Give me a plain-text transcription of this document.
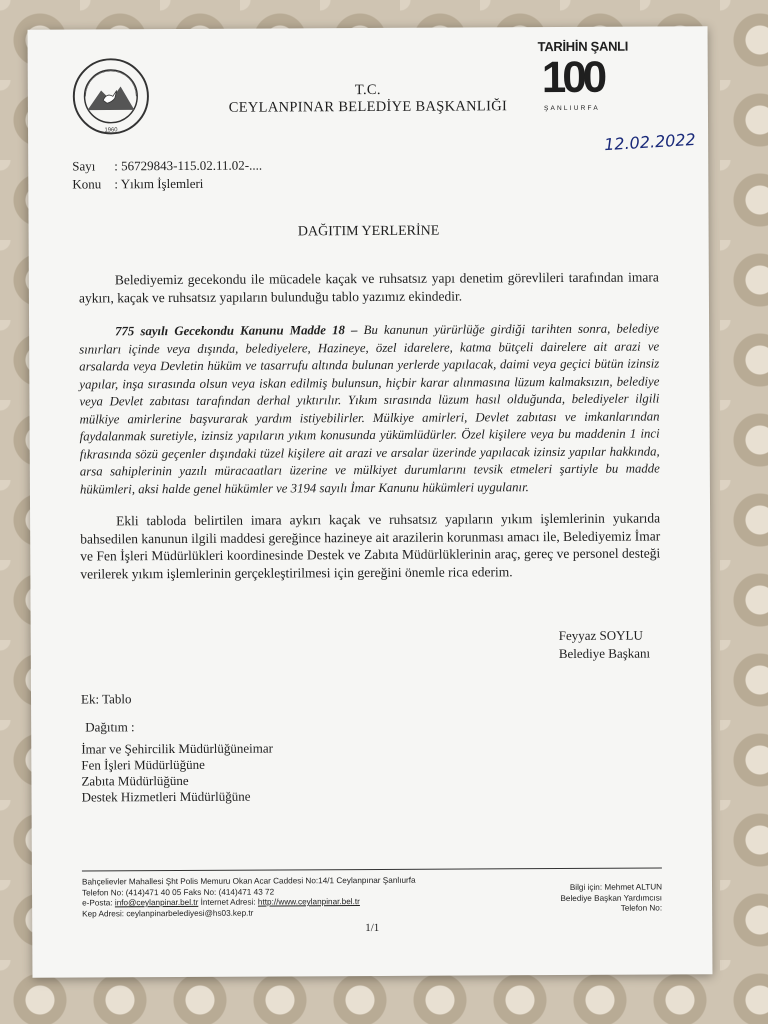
1960
T.C.
CEYLANPINAR BELEDİYE BAŞKANLIĞI
TARİHİN ŞANLI
100
ŞANLIURFA
Sayı : 56729843-115.02.11.02-....
Konu : Yıkım İşlemleri
12.02.2022
DAĞITIM YERLERİNE
Belediyemiz gecekondu ile mücadele kaçak ve ruhsatsız yapı denetim görevlileri tarafından imara aykırı, kaçak ve ruhsatsız yapıların bulunduğu tablo yazımız ekindedir.
775 sayılı Gecekondu Kanunu Madde 18 – Bu kanunun yürürlüğe girdiği tarihten sonra, belediye sınırları içinde veya dışında, belediyelere, Hazineye, özel idarelere, katma bütçeli dairelere ait arazi ve arsalarda veya Devletin hüküm ve tasarrufu altında bulunan yerlerde yapılacak, daimi veya geçici bütün izinsiz yapılar, inşa sırasında olsun veya iskan edilmiş bulunsun, hiçbir karar alınmasına lüzum kalmaksızın, belediye veya Devlet zabıtası tarafından derhal yıktırılır. Yıkım sırasında lüzum hasıl olduğunda, belediyeler ilgili mülkiye amirlerine başvurarak yardım istiyebilirler. Mülkiye amirleri, Devlet zabıtası ve imkanlarından faydalanmak suretiyle, izinsiz yapıların yıkım konusunda yükümlüdürler. Özel kişilere veya bu maddenin 1 inci fıkrasında sözü geçenler dışındaki tüzel kişilere ait arazi ve arsalar üzerinde yapılacak izinsiz yapılar hakkında, arsa sahiplerinin yazılı müracaatları üzerine ve mülkiyet durumlarını tevsik etmeleri şartiyle bu madde hükümleri, aksi halde genel hükümler ve 3194 sayılı İmar Kanunu hükümleri uygulanır.
Ekli tabloda belirtilen imara aykırı kaçak ve ruhsatsız yapıların yıkım işlemlerinin yukarıda bahsedilen kanunun ilgili maddesi gereğince hazineye ait arazilerin korunması amacı ile, Belediyemiz İmar ve Fen İşleri Müdürlükleri koordinesinde Destek ve Zabıta Müdürlüklerinin araç, gereç ve personel desteği verilerek yıkım işlemlerinin gerçekleştirilmesi için gereğini önemle rica ederim.
Feyyaz SOYLU
Belediye Başkanı
Ek: Tablo
Dağıtım :
İmar ve Şehircilik Müdürlüğüneimar
Fen İşleri Müdürlüğüne
Zabıta Müdürlüğüne
Destek Hizmetleri Müdürlüğüne
Bahçelievler Mahallesi Şht Polis Memuru Okan Acar Caddesi No:14/1 Ceylanpınar Şanlıurfa
Telefon No: (414)471 40 05 Faks No: (414)471 43 72
e-Posta: info@ceylanpinar.bel.tr İnternet Adresi: http://www.ceylanpinar.bel.tr
Kep Adresi: ceylanpinarbelediyesi@hs03.kep.tr
Bilgi için: Mehmet ALTUN
Belediye Başkan Yardımcısı
Telefon No:
1/1
